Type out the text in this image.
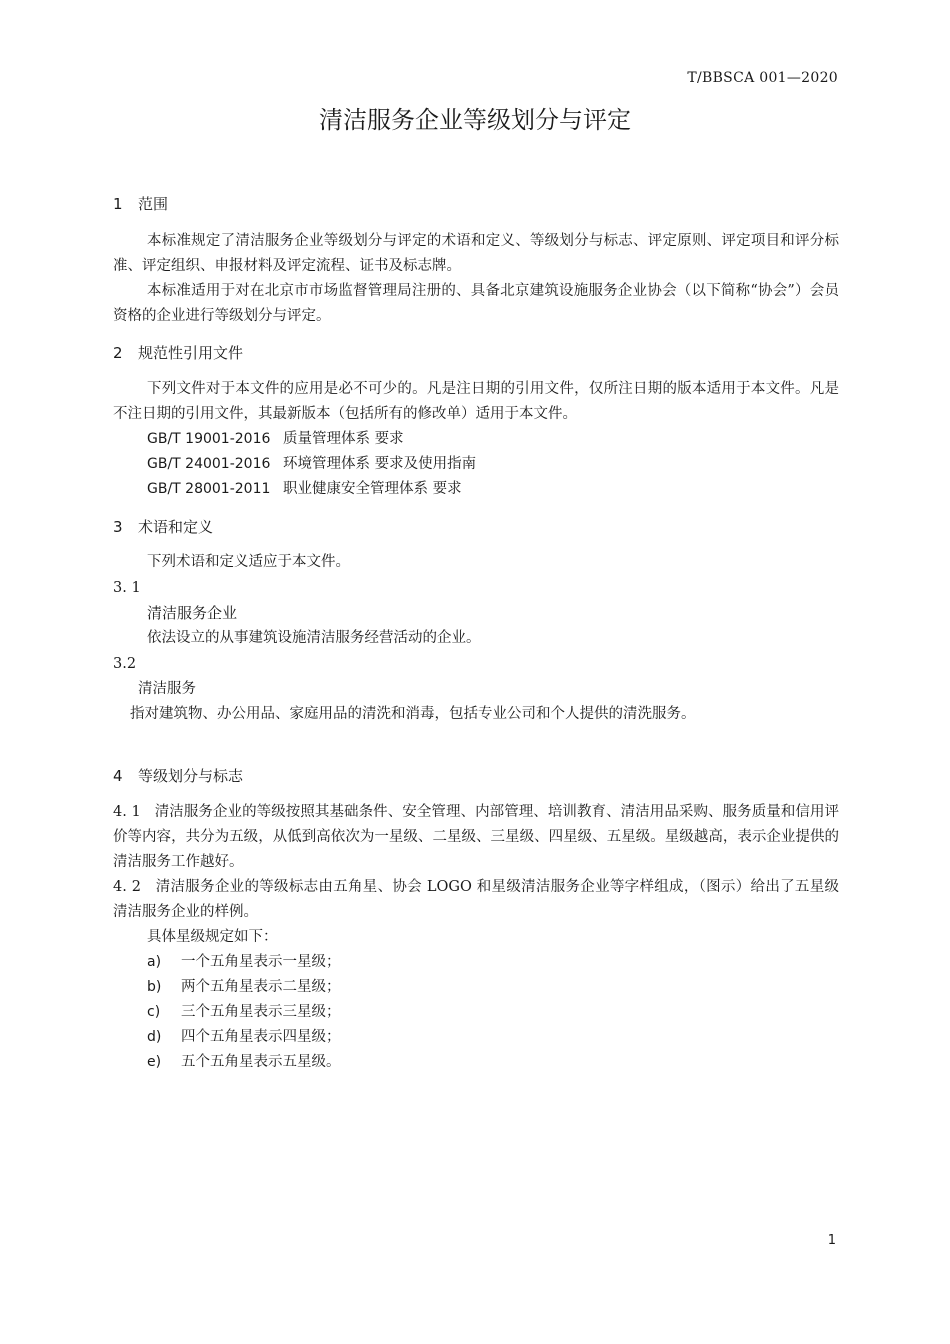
T/BBSCA 001—2020
清洁服务企业等级划分与评定
1 范围
本标准规定了清洁服务企业等级划分与评定的术语和定义、等级划分与标志、评定原则、评定项目和评分标准、评定组织、申报材料及评定流程、证书及标志牌。
本标准适用于对在北京市市场监督管理局注册的、具备北京建筑设施服务企业协会（以下简称“协会”）会员资格的企业进行等级划分与评定。
2 规范性引用文件
下列文件对于本文件的应用是必不可少的。凡是注日期的引用文件，仅所注日期的版本适用于本文件。凡是不注日期的引用文件，其最新版本（包括所有的修改单）适用于本文件。
GB/T 19001-2016 质量管理体系 要求
GB/T 24001-2016 环境管理体系 要求及使用指南
GB/T 28001-2011 职业健康安全管理体系 要求
3 术语和定义
下列术语和定义适应于本文件。
3. 1
清洁服务企业
依法设立的从事建筑设施清洁服务经营活动的企业。
3.2
清洁服务
指对建筑物、办公用品、家庭用品的清洗和消毒，包括专业公司和个人提供的清洗服务。
4 等级划分与标志
4. 1 清洁服务企业的等级按照其基础条件、安全管理、内部管理、培训教育、清洁用品采购、服务质量和信用评价等内容，共分为五级，从低到高依次为一星级、二星级、三星级、四星级、五星级。星级越高，表示企业提供的清洁服务工作越好。
4. 2 清洁服务企业的等级标志由五角星、协会 LOGO 和星级清洁服务企业等字样组成，（图示）给出了五星级清洁服务企业的样例。
具体星级规定如下：
a) 一个五角星表示一星级；
b) 两个五角星表示二星级；
c) 三个五角星表示三星级；
d) 四个五角星表示四星级；
e) 五个五角星表示五星级。
1
